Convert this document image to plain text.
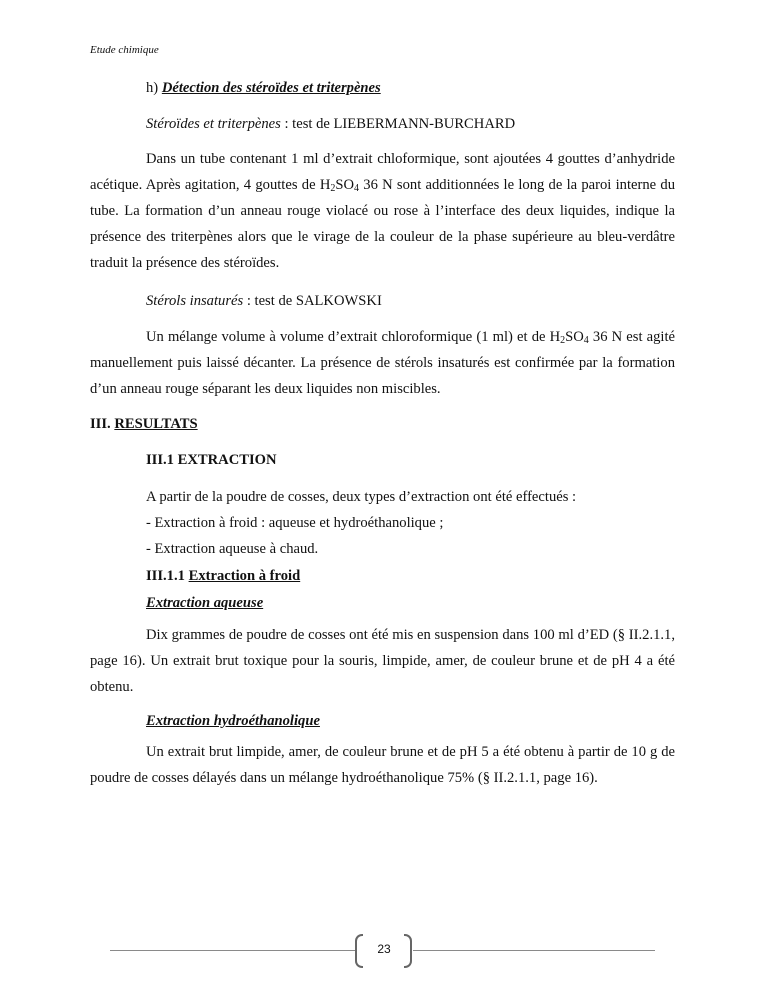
Etude chimique
h) Détection des stéroïdes et triterpènes
Stéroïdes et triterpènes : test de LIEBERMANN-BURCHARD

Dans un tube contenant 1 ml d’extrait chloformique, sont ajoutées 4 gouttes d’anhydride acétique. Après agitation, 4 gouttes de $H_2SO_4$ 36 N sont additionnées le long de la paroi interne du tube. La formation d’un anneau rouge violacé ou rose à l’interface des deux liquides, indique la présence des triterpènes alors que le virage de la couleur de la phase supérieure au bleu-verdâtre traduit la présence des stéroïdes.

Stérols insaturés : test de SALKOWSKI

Un mélange volume à volume d’extrait chloroformique (1 ml) et de $H_2SO_4$ 36 N est agité manuellement puis laissé décanter. La présence de stérols insaturés est confirmée par la formation d’un anneau rouge séparant les deux liquides non miscibles.

III. RESULTATS
III.1 EXTRACTION
A partir de la poudre de cosses, deux types d’extraction ont été effectués :
- Extraction à froid : aqueuse et hydroéthanolique ;
- Extraction aqueuse à chaud.
III.1.1 Extraction à froid
Extraction aqueuse

Dix grammes de poudre de cosses ont été mis en suspension dans 100 ml d’ED (§ II.2.1.1, page 16). Un extrait brut toxique pour la souris, limpide, amer, de couleur brune et de pH 4 a été obtenu.

Extraction hydroéthanolique

Un extrait brut limpide, amer, de couleur brune et de pH 5 a été obtenu à partir de 10 g de poudre de cosses délayés dans un mélange hydroéthanolique 75% (§ II.2.1.1, page 16).

23
